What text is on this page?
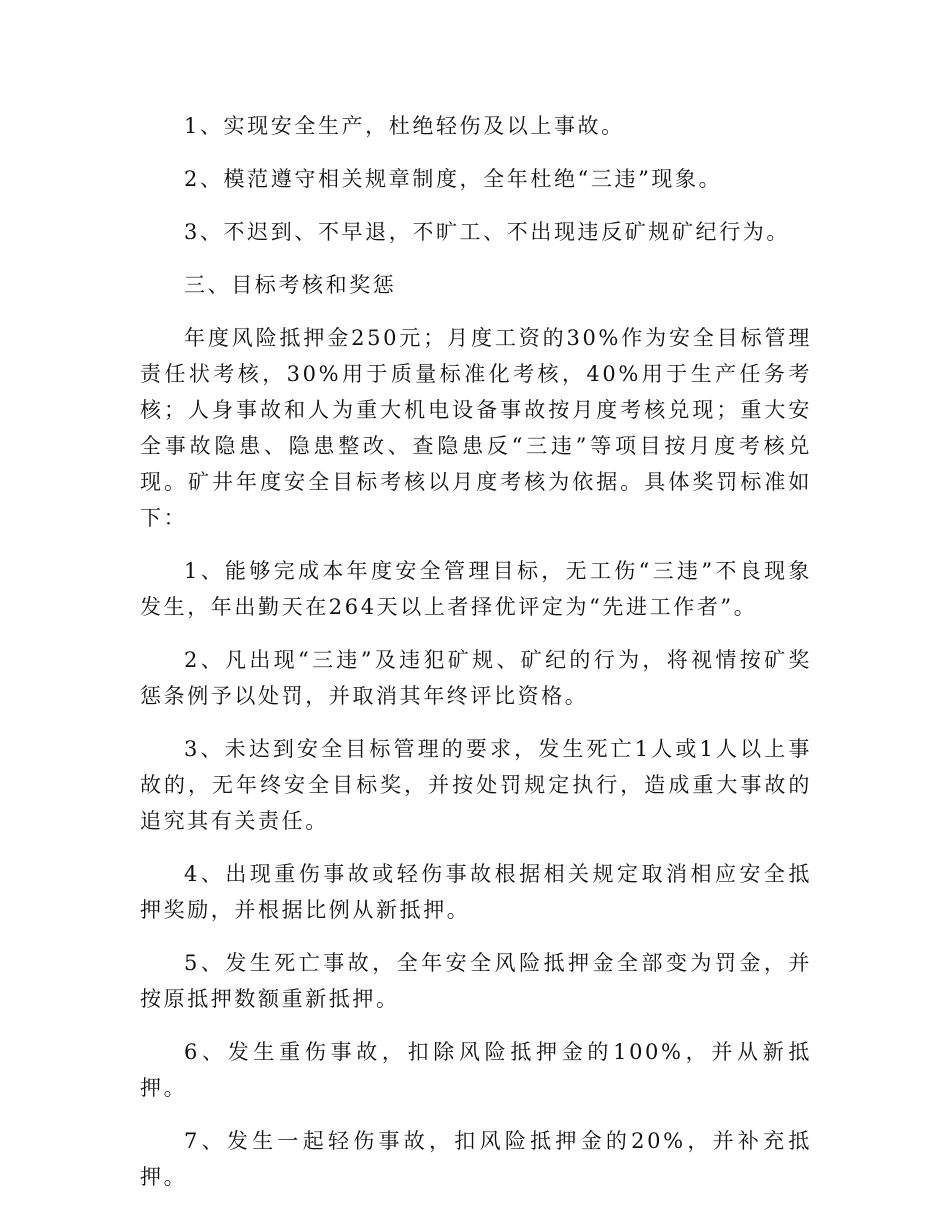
1、实现安全生产，杜绝轻伤及以上事故。

2、模范遵守相关规章制度，全年杜绝“三违”现象。

3、不迟到、不早退，不旷工、不出现违反矿规矿纪行为。

三、目标考核和奖惩

年度风险抵押金250元；月度工资的30%作为安全目标管理责任状考核，30%用于质量标准化考核，40%用于生产任务考核；人身事故和人为重大机电设备事故按月度考核兑现；重大安全事故隐患、隐患整改、查隐患反“三违”等项目按月度考核兑现。矿井年度安全目标考核以月度考核为依据。具体奖罚标准如下：

1、能够完成本年度安全管理目标，无工伤“三违”不良现象发生，年出勤天在264天以上者择优评定为“先进工作者”。

2、凡出现“三违”及违犯矿规、矿纪的行为，将视情按矿奖惩条例予以处罚，并取消其年终评比资格。

3、未达到安全目标管理的要求，发生死亡1人或1人以上事故的，无年终安全目标奖，并按处罚规定执行，造成重大事故的追究其有关责任。

4、出现重伤事故或轻伤事故根据相关规定取消相应安全抵押奖励，并根据比例从新抵押。

5、发生死亡事故，全年安全风险抵押金全部变为罚金，并按原抵押数额重新抵押。

6、发生重伤事故，扣除风险抵押金的100%，并从新抵押。

7、发生一起轻伤事故，扣风险抵押金的20%，并补充抵押。
